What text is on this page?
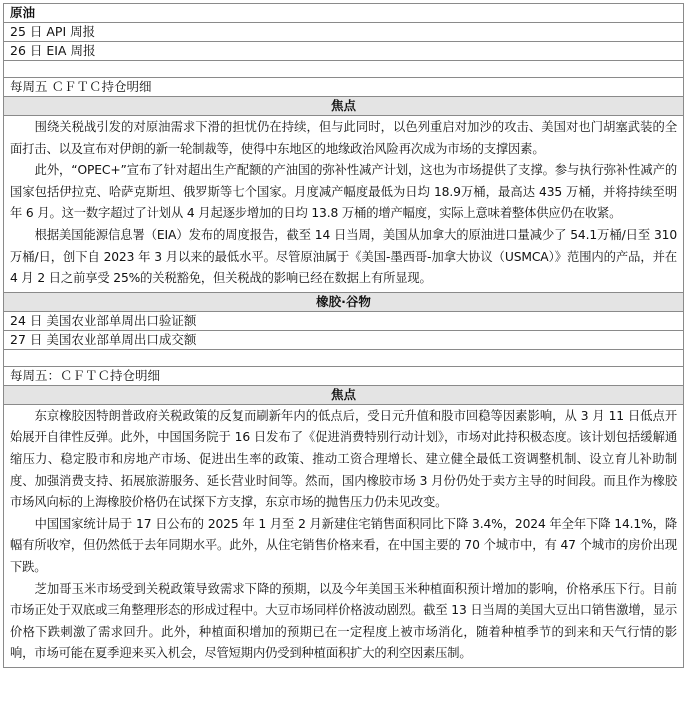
原油
25 日 API 周报
26 日 EIA 周报

每周五 ＣＦＴＣ持仓明细
焦点

围绕关税战引发的对原油需求下滑的担忧仍在持续，但与此同时，以色列重启对加沙的攻击、美国对也门胡塞武装的全面打击、以及宣布对伊朗的新一轮制裁等，使得中东地区的地缘政治风险再次成为市场的支撑因素。

此外，“OPEC+”宣布了针对超出生产配额的产油国的弥补性减产计划，这也为市场提供了支撑。参与执行弥补性减产的国家包括伊拉克、哈萨克斯坦、俄罗斯等七个国家。月度减产幅度最低为日均 18.9万桶，最高达 435 万桶，并将持续至明年 6 月。这一数字超过了计划从 4 月起逐步增加的日均 13.8 万桶的增产幅度，实际上意味着整体供应仍在收紧。

根据美国能源信息署（EIA）发布的周度报告，截至 14 日当周，美国从加拿大的原油进口量减少了 54.1万桶/日至 310万桶/日，创下自 2023 年 3 月以来的最低水平。尽管原油属于《美国-墨西哥-加拿大协议（USMCA）》范围内的产品，并在 4 月 2 日之前享受 25%的关税豁免，但关税战的影响已经在数据上有所显现。

橡胶·谷物
24 日 美国农业部单周出口验证额
27 日 美国农业部单周出口成交额

每周五：ＣＦＴＣ持仓明细
焦点

东京橡胶因特朗普政府关税政策的反复而刷新年内的低点后，受日元升值和股市回稳等因素影响，从 3 月 11 日低点开始展开自律性反弹。此外，中国国务院于 16 日发布了《促进消费特别行动计划》，市场对此持积极态度。该计划包括缓解通缩压力、稳定股市和房地产市场、促进出生率的政策、推动工资合理增长、建立健全最低工资调整机制、设立育儿补助制度、加强消费支持、拓展旅游服务、延长营业时间等。然而，国内橡胶市场 3 月份仍处于卖方主导的时间段。而且作为橡胶市场风向标的上海橡胶价格仍在试探下方支撑，东京市场的抛售压力仍未见改变。

中国国家统计局于 17 日公布的 2025 年 1 月至 2 月新建住宅销售面积同比下降 3.4%，2024 年全年下降 14.1%，降幅有所收窄，但仍然低于去年同期水平。此外，从住宅销售价格来看，在中国主要的 70 个城市中，有 47 个城市的房价出现下跌。

芝加哥玉米市场受到关税政策导致需求下降的预期，以及今年美国玉米种植面积预计增加的影响，价格承压下行。目前市场正处于双底或三角整理形态的形成过程中。大豆市场同样价格波动剧烈。截至 13 日当周的美国大豆出口销售激增，显示价格下跌刺激了需求回升。此外，种植面积增加的预期已在一定程度上被市场消化，随着种植季节的到来和天气行情的影响，市场可能在夏季迎来买入机会，尽管短期内仍受到种植面积扩大的利空因素压制。
